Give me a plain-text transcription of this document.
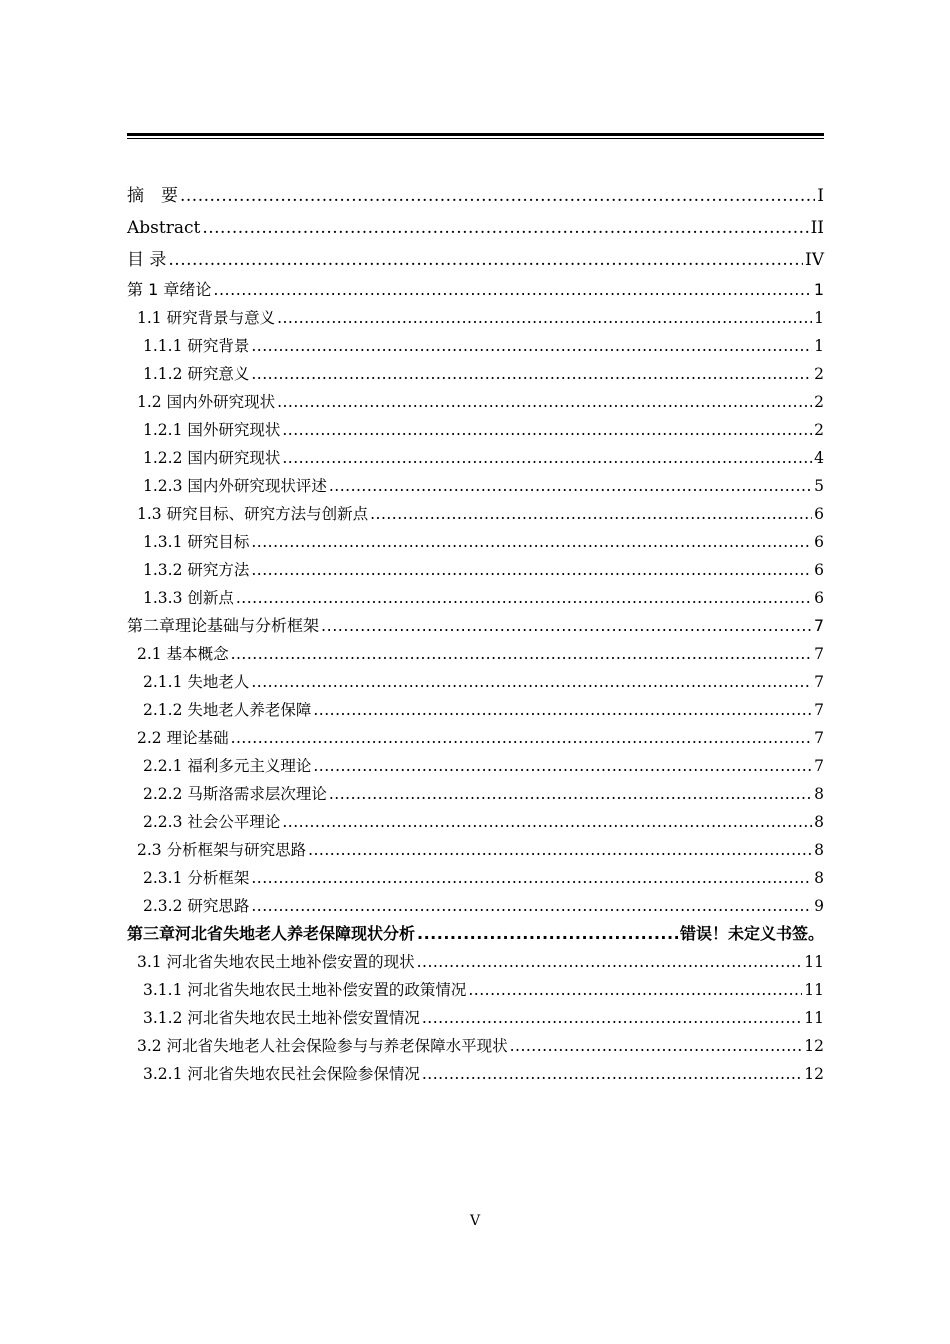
摘　要 .....	I
Abstract .....	II
目 录 .....	IV
第 1 章绪论 .....	1
1.1 研究背景与意义 .....	1
1.1.1 研究背景 .....	1
1.1.2 研究意义 .....	2
1.2 国内外研究现状 .....	2
1.2.1 国外研究现状 .....	2
1.2.2 国内研究现状 .....	4
1.2.3 国内外研究现状评述 .....	5
1.3 研究目标、研究方法与创新点 .....	6
1.3.1 研究目标 .....	6
1.3.2 研究方法 .....	6
1.3.3 创新点 .....	6
第二章理论基础与分析框架 .....	7
2.1 基本概念 .....	7
2.1.1 失地老人 .....	7
2.1.2 失地老人养老保障 .....	7
2.2 理论基础 .....	7
2.2.1 福利多元主义理论 .....	7
2.2.2 马斯洛需求层次理论 .....	8
2.2.3 社会公平理论 .....	8
2.3 分析框架与研究思路 .....	8
2.3.1 分析框架 .....	8
2.3.2 研究思路 .....	9
第三章河北省失地老人养老保障现状分析 .....	错误！未定义书签。
3.1 河北省失地农民土地补偿安置的现状 .....	11
3.1.1 河北省失地农民土地补偿安置的政策情况 .....	11
3.1.2 河北省失地农民土地补偿安置情况 .....	11
3.2 河北省失地老人社会保险参与与养老保障水平现状 .....	12
3.2.1 河北省失地农民社会保险参保情况 .....	12
V
